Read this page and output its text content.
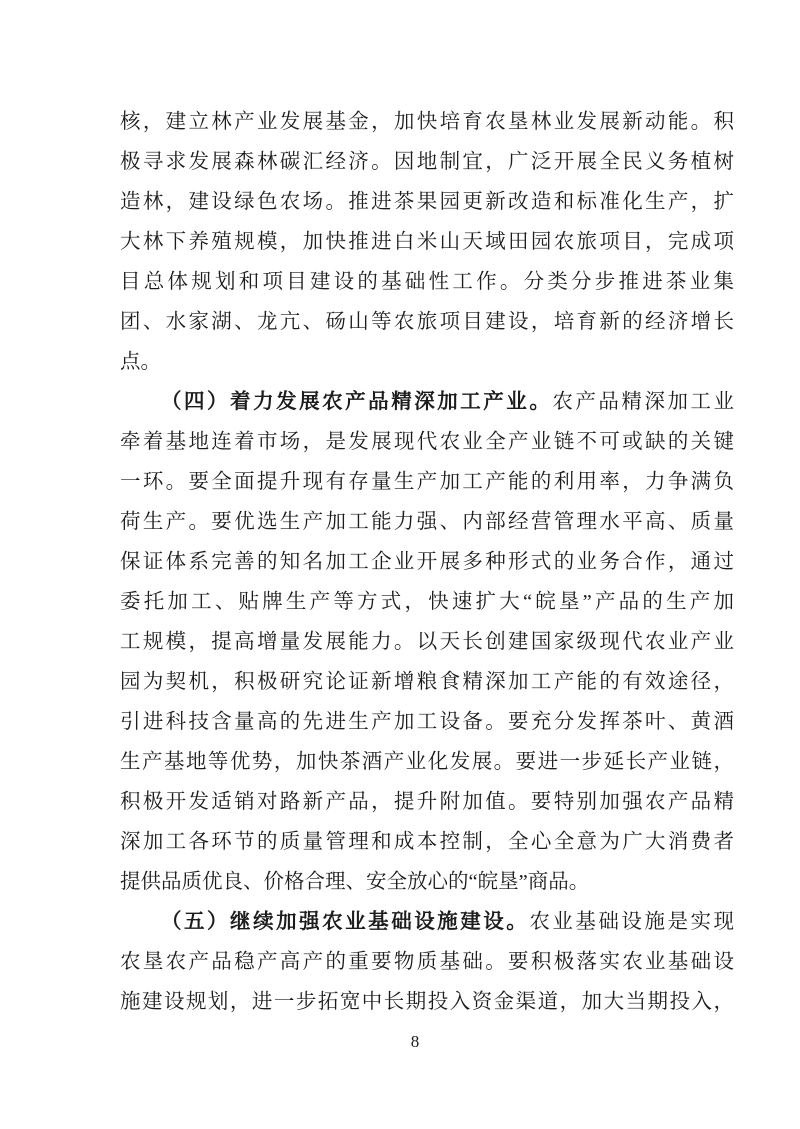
核，建立林产业发展基金，加快培育农垦林业发展新动能。积
极寻求发展森林碳汇经济。因地制宜，广泛开展全民义务植树
造林，建设绿色农场。推进茶果园更新改造和标准化生产，扩
大林下养殖规模，加快推进白米山天域田园农旅项目，完成项
目总体规划和项目建设的基础性工作。分类分步推进茶业集
团、水家湖、龙亢、砀山等农旅项目建设，培育新的经济增长
点。
（四）着力发展农产品精深加工产业。农产品精深加工业
牵着基地连着市场，是发展现代农业全产业链不可或缺的关键
一环。要全面提升现有存量生产加工产能的利用率，力争满负
荷生产。要优选生产加工能力强、内部经营管理水平高、质量
保证体系完善的知名加工企业开展多种形式的业务合作，通过
委托加工、贴牌生产等方式，快速扩大“皖垦”产品的生产加
工规模，提高增量发展能力。以天长创建国家级现代农业产业
园为契机，积极研究论证新增粮食精深加工产能的有效途径，
引进科技含量高的先进生产加工设备。要充分发挥茶叶、黄酒
生产基地等优势，加快茶酒产业化发展。要进一步延长产业链，
积极开发适销对路新产品，提升附加值。要特别加强农产品精
深加工各环节的质量管理和成本控制，全心全意为广大消费者
提供品质优良、价格合理、安全放心的“皖垦”商品。
（五）继续加强农业基础设施建设。农业基础设施是实现
农垦农产品稳产高产的重要物质基础。要积极落实农业基础设
施建设规划，进一步拓宽中长期投入资金渠道，加大当期投入，
8
